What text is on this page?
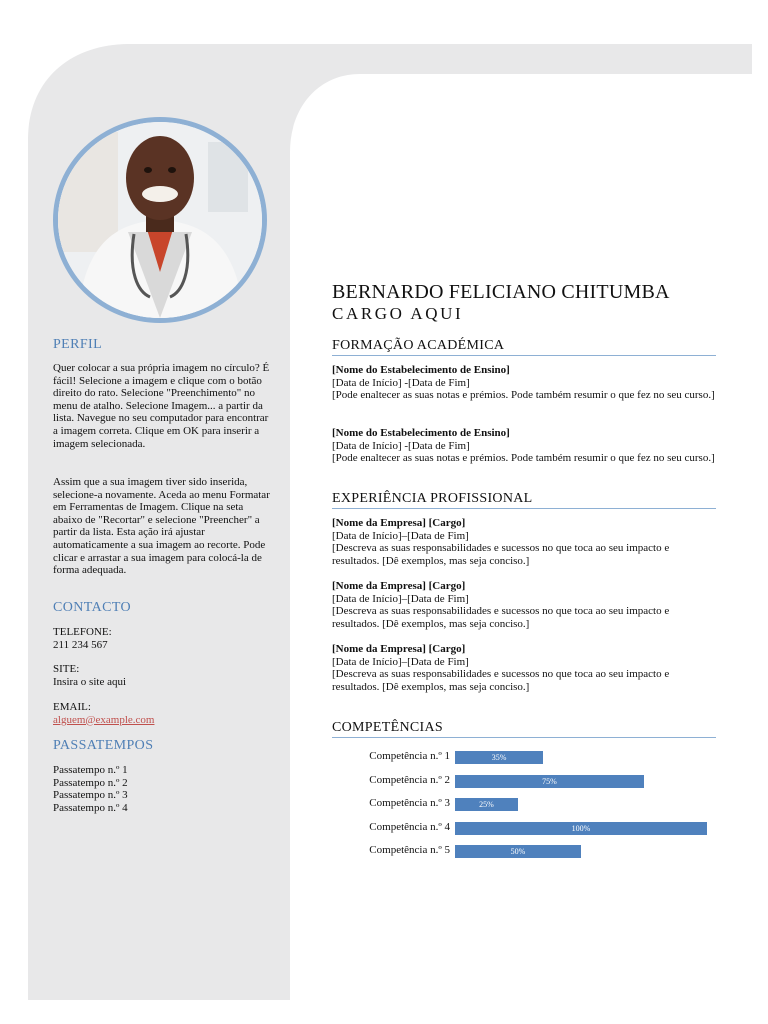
PERFIL

Quer colocar a sua própria imagem no círculo? É fácil! Selecione a imagem e clique com o botão direito do rato. Selecione "Preenchimento" no menu de atalho. Selecione Imagem... a partir da lista. Navegue no seu computador para encontrar a imagem correta. Clique em OK para inserir a imagem selecionada.

Assim que a sua imagem tiver sido inserida, selecione-a novamente. Aceda ao menu Formatar em Ferramentas de Imagem. Clique na seta abaixo de "Recortar" e selecione "Preencher" a partir da lista. Esta ação irá ajustar automaticamente a sua imagem ao recorte. Pode clicar e arrastar a sua imagem para colocá-la de forma adequada.

CONTACTO

TELEFONE:

211 234 567

SITE:

Insira o site aqui

EMAIL:

alguem@example.com

PASSATEMPOS

Passatempo n.º 1

Passatempo n.º 2

Passatempo n.º 3

Passatempo n.º 4

BERNARDO FELICIANO CHITUMBA
CARGO AQUI
FORMAÇÃO ACADÉMICA
[Nome do Estabelecimento de Ensino]
[Data de Início] -[Data de Fim]
[Pode enaltecer as suas notas e prémios. Pode também resumir o que fez no seu curso.]
[Nome do Estabelecimento de Ensino]
[Data de Início] -[Data de Fim]
[Pode enaltecer as suas notas e prémios. Pode também resumir o que fez no seu curso.]
EXPERIÊNCIA PROFISSIONAL
[Nome da Empresa] [Cargo]
[Data de Início]–[Data de Fim]
[Descreva as suas responsabilidades e sucessos no que toca ao seu impacto e resultados. [Dê exemplos, mas seja conciso.]
[Nome da Empresa] [Cargo]
[Data de Início]–[Data de Fim]
[Descreva as suas responsabilidades e sucessos no que toca ao seu impacto e resultados. [Dê exemplos, mas seja conciso.]
[Nome da Empresa] [Cargo]
[Data de Início]–[Data de Fim]
[Descreva as suas responsabilidades e sucessos no que toca ao seu impacto e resultados. [Dê exemplos, mas seja conciso.]
COMPETÊNCIAS
Competência n.º 1	35%
Competência n.º 2	75%
Competência n.º 3	25%
Competência n.º 4	100%
Competência n.º 5	50%
